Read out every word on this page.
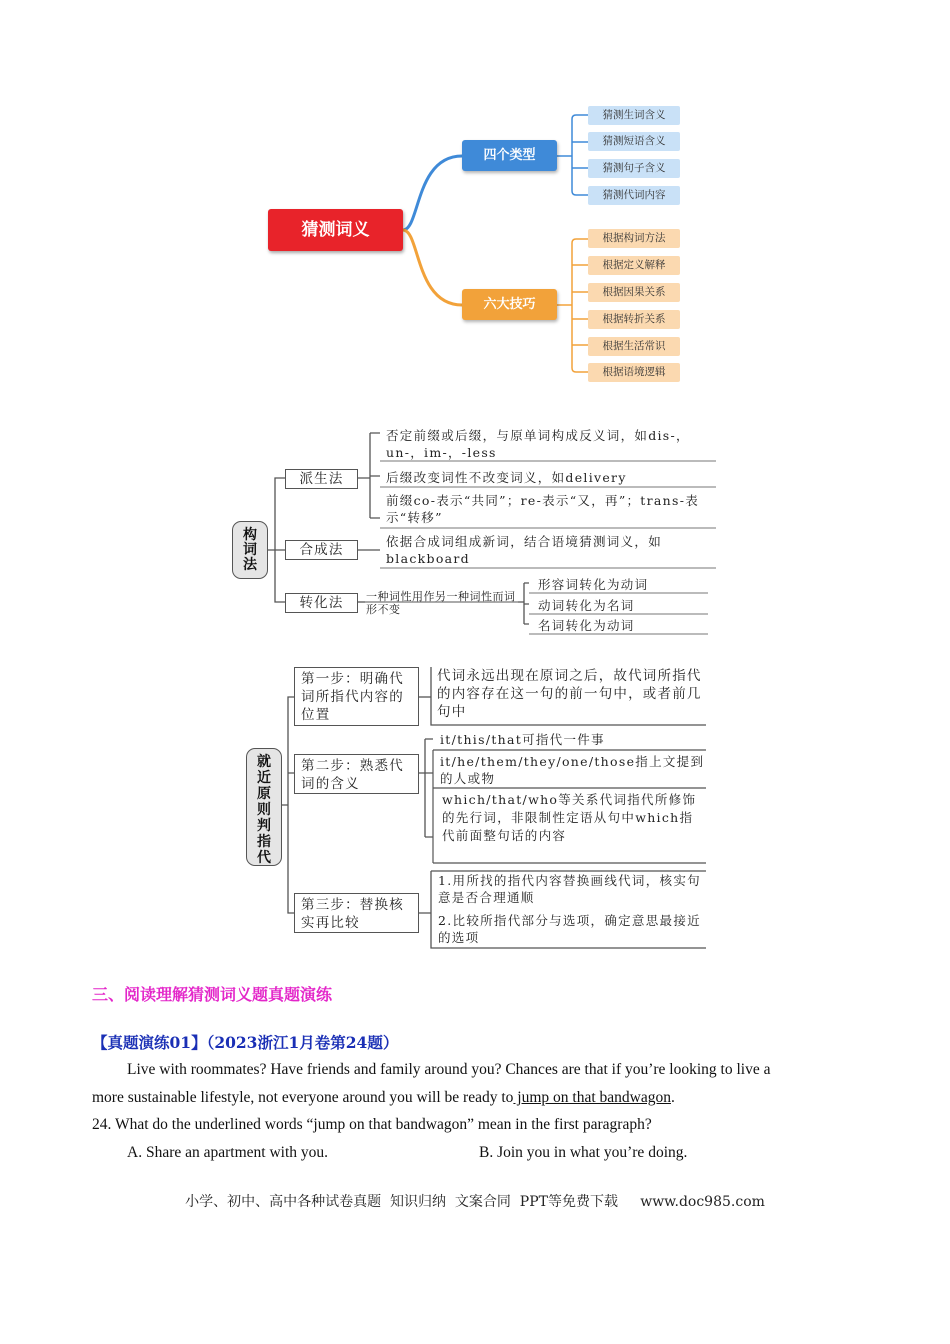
猜测词义
四个类型
六大技巧
猜测生词含义
猜测短语含义
猜测句子含义
猜测代词内容
根据构词方法
根据定义解释
根据因果关系
根据转折关系
根据生活常识
根据语境逻辑
构词法
派生法
否定前缀或后缀，与原单词构成反义词，如dis-，un-，im-，-less
后缀改变词性不改变词义，如delivery
前缀co-表示“共同”；re-表示“又，再”；trans-表示“转移”
合成法
依据合成词组成新词，结合语境猜测词义，如blackboard
转化法	一种词性用作另一种词性而词形不变
形容词转化为动词
动词转化为名词
名词转化为动词
就近原则判指代
第一步：明确代词所指代内容的位置
代词永远出现在原词之后，故代词所指代的内容存在这一句的前一句中，或者前几句中
第二步：熟悉代词的含义
it/this/that可指代一件事
it/he/them/they/one/those指上文提到的人或物
which/that/who等关系代词指代所修饰的先行词，非限制性定语从句中which指代前面整句话的内容
第三步：替换核实再比较
1.用所找的指代内容替换画线代词，核实句意是否合理通顺
2.比较所指代部分与选项，确定意思最接近的选项
三、阅读理解猜测词义题真题演练
【真题演练01】（2023浙江1月卷第24题）
Live with roommates? Have friends and family around you? Chances are that if you’re looking to live a
more sustainable lifestyle, not everyone around you will be ready to jump on that bandwagon.
24. What do the underlined words “jump on that bandwagon” mean in the first paragraph?
A. Share an apartment with you.	B. Join you in what you’re doing.
小学、初中、高中各种试卷真题  知识归纳  文案合同  PPT等免费下载     www.doc985.com
